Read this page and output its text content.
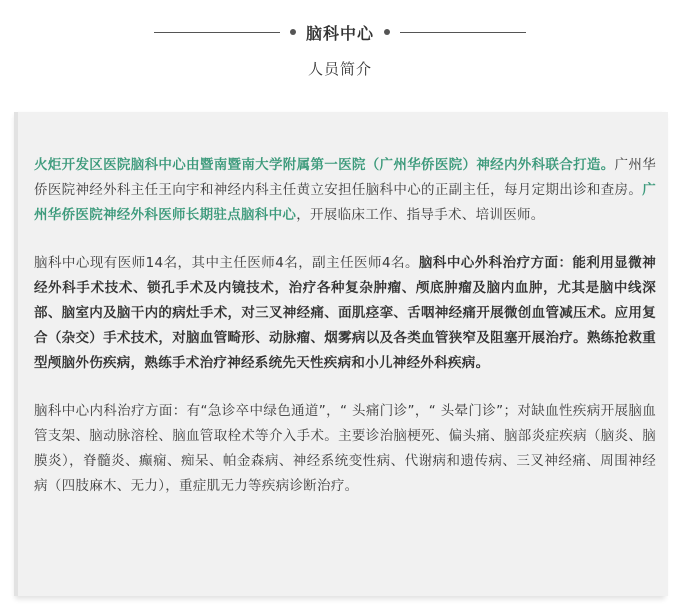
脑科中心
人员简介

火炬开发区医院脑科中心由暨南暨南大学附属第一医院（广州华侨医院）神经内外科联合打造。广州华侨医院神经外科主任王向宇和神经内科主任黄立安担任脑科中心的正副主任，每月定期出诊和查房。广州华侨医院神经外科医师长期驻点脑科中心，开展临床工作、指导手术、培训医师。

脑科中心现有医师14名，其中主任医师4名，副主任医师4名。脑科中心外科治疗方面：能利用显微神经外科手术技术、锁孔手术及内镜技术，治疗各种复杂肿瘤、颅底肿瘤及脑内血肿，尤其是脑中线深部、脑室内及脑干内的病灶手术，对三叉神经痛、面肌痉挛、舌咽神经痛开展微创血管减压术。应用复合（杂交）手术技术，对脑血管畸形、动脉瘤、烟雾病以及各类血管狭窄及阻塞开展治疗。熟练抢救重型颅脑外伤疾病，熟练手术治疗神经系统先天性疾病和小儿神经外科疾病。

脑科中心内科治疗方面：有“急诊卒中绿色通道”，“ 头痛门诊”，“ 头晕门诊”；对缺血性疾病开展脑血管支架、脑动脉溶栓、脑血管取栓术等介入手术。主要诊治脑梗死、偏头痛、脑部炎症疾病（脑炎、脑膜炎），脊髓炎、癫痫、痴呆、帕金森病、神经系统变性病、代谢病和遗传病、三叉神经痛、周围神经病（四肢麻木、无力），重症肌无力等疾病诊断治疗。
